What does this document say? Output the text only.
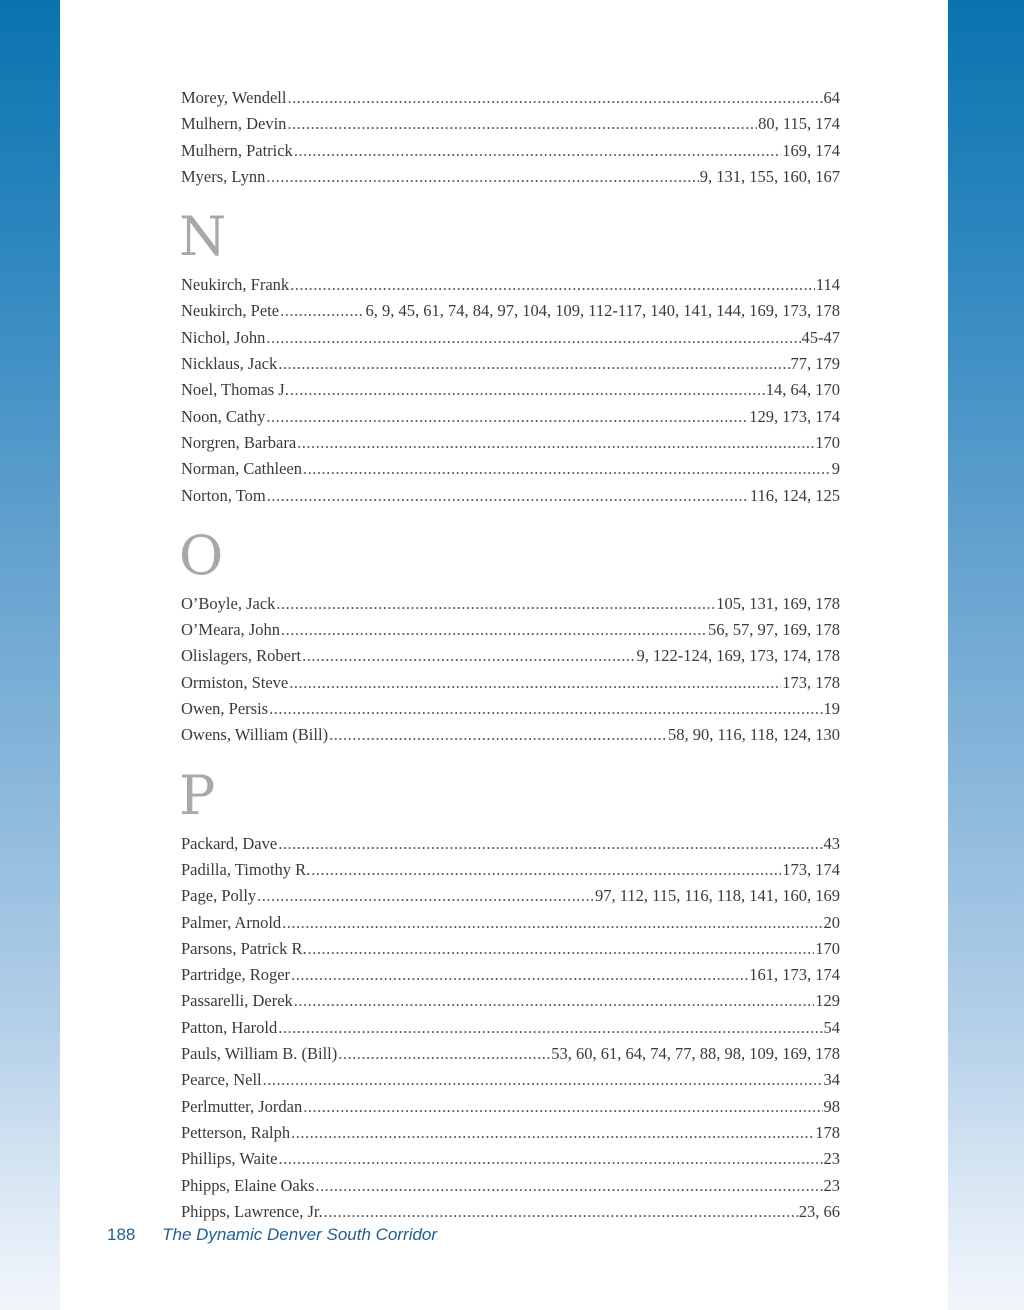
Morey, Wendell .....	64
Mulhern, Devin .....	80, 115, 174
Mulhern, Patrick .....	169, 174
Myers, Lynn .....	9, 131, 155, 160, 167
N
Neukirch, Frank .....	114
Neukirch, Pete .....	6, 9, 45, 61, 74, 84, 97, 104, 109, 112-117, 140, 141, 144, 169, 173, 178
Nichol, John .....	45-47
Nicklaus, Jack .....	77, 179
Noel, Thomas J. .....	14, 64, 170
Noon, Cathy .....	129, 173, 174
Norgren, Barbara .....	170
Norman, Cathleen .....	9
Norton, Tom .....	116, 124, 125
O
O’Boyle, Jack .....	105, 131, 169, 178
O’Meara, John .....	56, 57, 97, 169, 178
Olislagers, Robert .....	9, 122-124, 169, 173, 174, 178
Ormiston, Steve .....	173, 178
Owen, Persis .....	19
Owens, William (Bill) .....	58, 90, 116, 118, 124, 130
P
Packard, Dave .....	43
Padilla, Timothy R. .....	173, 174
Page, Polly .....	97, 112, 115, 116, 118, 141, 160, 169
Palmer, Arnold .....	20
Parsons, Patrick R. .....	170
Partridge, Roger .....	161, 173, 174
Passarelli, Derek .....	129
Patton, Harold .....	54
Pauls, William B. (Bill) .....	53, 60, 61, 64, 74, 77, 88, 98, 109, 169, 178
Pearce, Nell .....	34
Perlmutter, Jordan .....	98
Petterson, Ralph .....	178
Phillips, Waite .....	23
Phipps, Elaine Oaks .....	23
Phipps, Lawrence, Jr. .....	23, 66
188 The Dynamic Denver South Corridor
